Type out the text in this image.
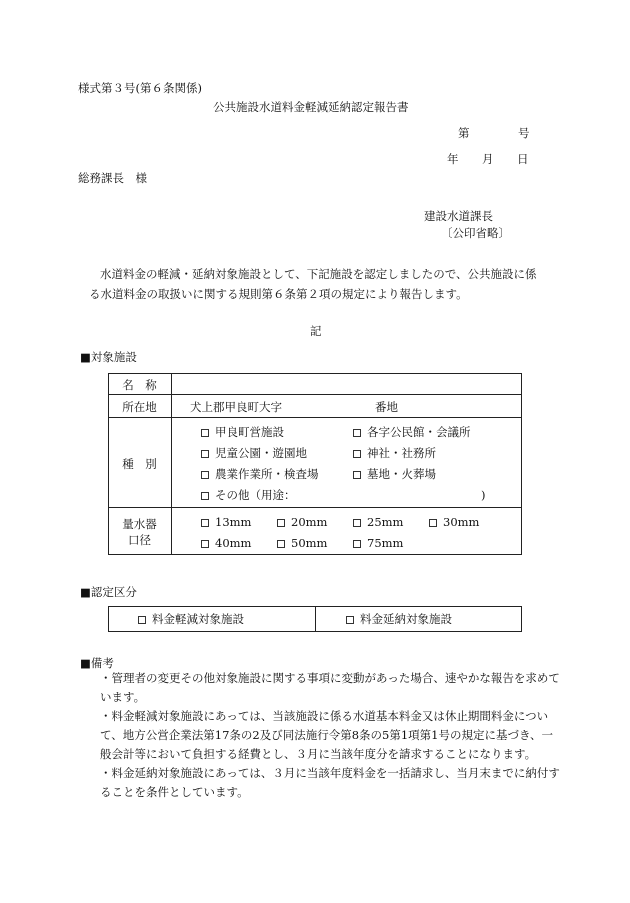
様式第３号(第６条関係)
公共施設水道料金軽減延納認定報告書
第	号
年 月 日
総務課長　様
建設水道課長
〔公印省略〕
水道料金の軽減・延納対象施設として、下記施設を認定しましたので、公共施設に係
る水道料金の取扱いに関する規則第６条第２項の規定により報告します。
記
■対象施設
名　称
所在地	犬上郡甲良町大字	番地
種　別
甲良町営施設	各字公民館・会議所
児童公園・遊園地	神社・社務所
農業作業所・検査場	墓地・火葬場
その他（用途：	)
量水器
口径
13mm	20mm	25mm	30mm
40mm	50mm	75mm
■認定区分
料金軽減対象施設	料金延納対象施設
■備考
・管理者の変更その他対象施設に関する事項に変動があった場合、速やかな報告を求めています。
・料金軽減対象施設にあっては、当該施設に係る水道基本料金又は休止期間料金について、地方公営企業法第17条の2及び同法施行令第8条の5第1項第1号の規定に基づき、一般会計等において負担する経費とし、３月に当該年度分を請求することになります。
・料金延納対象施設にあっては、３月に当該年度料金を一括請求し、当月末までに納付することを条件としています。
